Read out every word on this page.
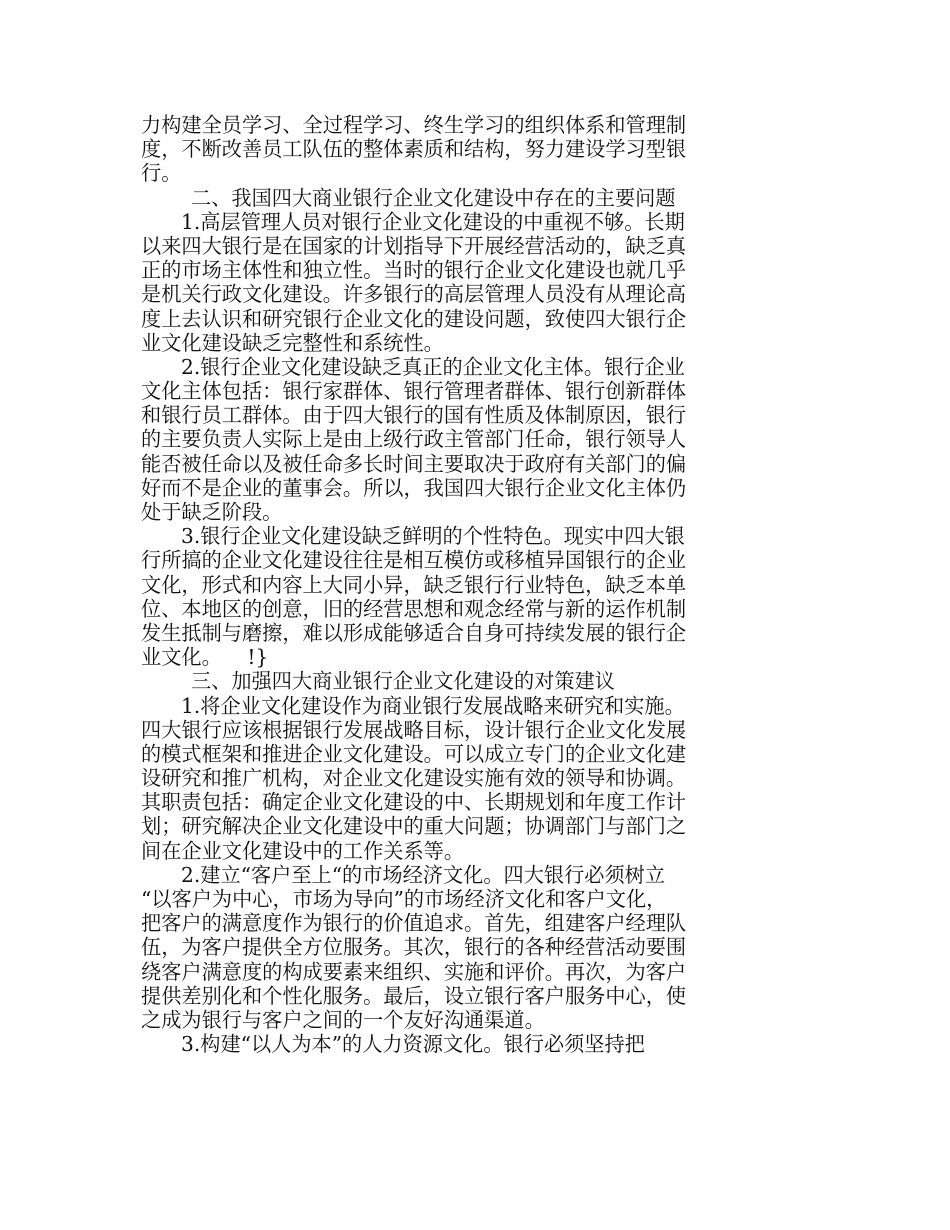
力构建全员学习、全过程学习、终生学习的组织体系和管理制
度，不断改善员工队伍的整体素质和结构，努力建设学习型银
行。
二、我国四大商业银行企业文化建设中存在的主要问题
1.高层管理人员对银行企业文化建设的中重视不够。长期
以来四大银行是在国家的计划指导下开展经营活动的，缺乏真
正的市场主体性和独立性。当时的银行企业文化建设也就几乎
是机关行政文化建设。许多银行的高层管理人员没有从理论高
度上去认识和研究银行企业文化的建设问题，致使四大银行企
业文化建设缺乏完整性和系统性。
2.银行企业文化建设缺乏真正的企业文化主体。银行企业
文化主体包括：银行家群体、银行管理者群体、银行创新群体
和银行员工群体。由于四大银行的国有性质及体制原因，银行
的主要负责人实际上是由上级行政主管部门任命，银行领导人
能否被任命以及被任命多长时间主要取决于政府有关部门的偏
好而不是企业的董事会。所以，我国四大银行企业文化主体仍
处于缺乏阶段。
3.银行企业文化建设缺乏鲜明的个性特色。现实中四大银
行所搞的企业文化建设往往是相互模仿或移植异国银行的企业
文化，形式和内容上大同小异，缺乏银行行业特色，缺乏本单
位、本地区的创意，旧的经营思想和观念经常与新的运作机制
发生抵制与磨擦，难以形成能够适合自身可持续发展的银行企
业文化。    !}
三、加强四大商业银行企业文化建设的对策建议
1.将企业文化建设作为商业银行发展战略来研究和实施。
四大银行应该根据银行发展战略目标，设计银行企业文化发展
的模式框架和推进企业文化建设。可以成立专门的企业文化建
设研究和推广机构，对企业文化建设实施有效的领导和协调。
其职责包括：确定企业文化建设的中、长期规划和年度工作计
划；研究解决企业文化建设中的重大问题；协调部门与部门之
间在企业文化建设中的工作关系等。
2.建立“客户至上“的市场经济文化。四大银行必须树立
“以客户为中心，市场为导向”的市场经济文化和客户文化，
把客户的满意度作为银行的价值追求。首先，组建客户经理队
伍，为客户提供全方位服务。其次，银行的各种经营活动要围
绕客户满意度的构成要素来组织、实施和评价。再次，为客户
提供差别化和个性化服务。最后，设立银行客户服务中心，使
之成为银行与客户之间的一个友好沟通渠道。
3.构建“以人为本”的人力资源文化。银行必须坚持把
